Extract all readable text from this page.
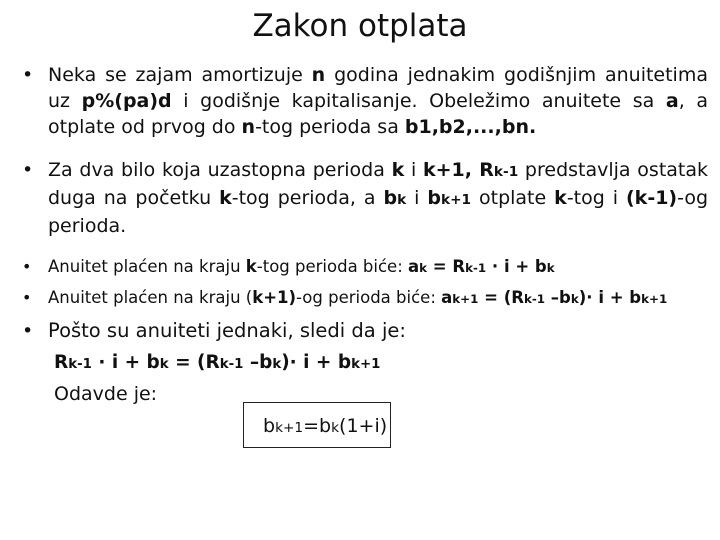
Zakon otplata
• Neka se zajam amortizuje n godina jednakim godišnjim anuitetima uz p%(pa)d i godišnje kapitalisanje. Obeležimo anuitete sa a, a otplate od prvog do n-tog perioda sa b1,b2,...,bn.
• Za dva bilo koja uzastopna perioda k i k+1, Rk-1 predstavlja ostatak duga na početku k-tog perioda, a bk i bk+1 otplate k-tog i (k-1)-og perioda.
• Anuitet plaćen na kraju k-tog perioda biće: ak = Rk-1 · i + bk
• Anuitet plaćen na kraju (k+1)-og perioda biće: ak+1 = (Rk-1 –bk)· i + bk+1
• Pošto su anuiteti jednaki, sledi da je:
Rk-1 · i + bk = (Rk-1 –bk)· i + bk+1
Odavde je:
bk+1=bk(1+i)
